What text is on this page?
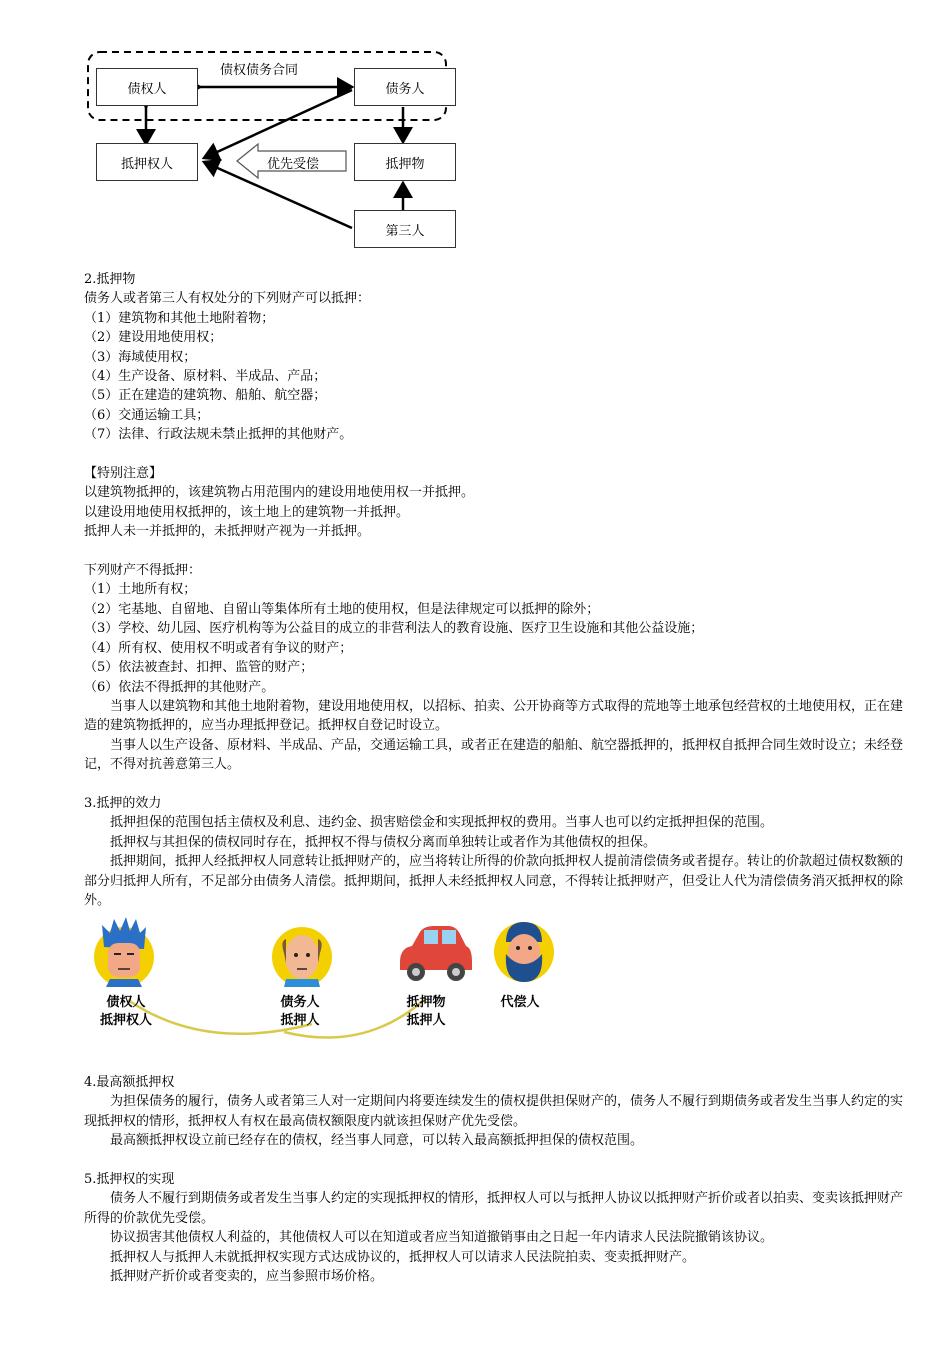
债权人	债务人
抵押权人	抵押物
第三人
债权债务合同
优先受偿

2.抵押物

债务人或者第三人有权处分的下列财产可以抵押：

（1）建筑物和其他土地附着物；

（2）建设用地使用权；

（3）海域使用权；

（4）生产设备、原材料、半成品、产品；

（5）正在建造的建筑物、船舶、航空器；

（6）交通运输工具；

（7）法律、行政法规未禁止抵押的其他财产。

【特别注意】

以建筑物抵押的，该建筑物占用范围内的建设用地使用权一并抵押。

以建设用地使用权抵押的，该土地上的建筑物一并抵押。

抵押人未一并抵押的，未抵押财产视为一并抵押。

下列财产不得抵押：

（1）土地所有权；

（2）宅基地、自留地、自留山等集体所有土地的使用权，但是法律规定可以抵押的除外；

（3）学校、幼儿园、医疗机构等为公益目的成立的非营利法人的教育设施、医疗卫生设施和其他公益设施；

（4）所有权、使用权不明或者有争议的财产；

（5）依法被查封、扣押、监管的财产；

（6）依法不得抵押的其他财产。

当事人以建筑物和其他土地附着物，建设用地使用权，以招标、拍卖、公开协商等方式取得的荒地等土地承包经营权的土地使用权，正在建造的建筑物抵押的，应当办理抵押登记。抵押权自登记时设立。

当事人以生产设备、原材料、半成品、产品，交通运输工具，或者正在建造的船舶、航空器抵押的，抵押权自抵押合同生效时设立；未经登记，不得对抗善意第三人。

3.抵押的效力

抵押担保的范围包括主债权及利息、违约金、损害赔偿金和实现抵押权的费用。当事人也可以约定抵押担保的范围。

抵押权与其担保的债权同时存在，抵押权不得与债权分离而单独转让或者作为其他债权的担保。

抵押期间，抵押人经抵押权人同意转让抵押财产的，应当将转让所得的价款向抵押权人提前清偿债务或者提存。转让的价款超过债权数额的部分归抵押人所有，不足部分由债务人清偿。抵押期间，抵押人未经抵押权人同意，不得转让抵押财产，但受让人代为清偿债务消灭抵押权的除外。

债权人
抵押权人
债务人
抵押人
抵押物
抵押人
代偿人

4.最高额抵押权

为担保债务的履行，债务人或者第三人对一定期间内将要连续发生的债权提供担保财产的，债务人不履行到期债务或者发生当事人约定的实现抵押权的情形，抵押权人有权在最高债权额限度内就该担保财产优先受偿。

最高额抵押权设立前已经存在的债权，经当事人同意，可以转入最高额抵押担保的债权范围。

5.抵押权的实现

债务人不履行到期债务或者发生当事人约定的实现抵押权的情形，抵押权人可以与抵押人协议以抵押财产折价或者以拍卖、变卖该抵押财产所得的价款优先受偿。

协议损害其他债权人利益的，其他债权人可以在知道或者应当知道撤销事由之日起一年内请求人民法院撤销该协议。

抵押权人与抵押人未就抵押权实现方式达成协议的，抵押权人可以请求人民法院拍卖、变卖抵押财产。

抵押财产折价或者变卖的，应当参照市场价格。
